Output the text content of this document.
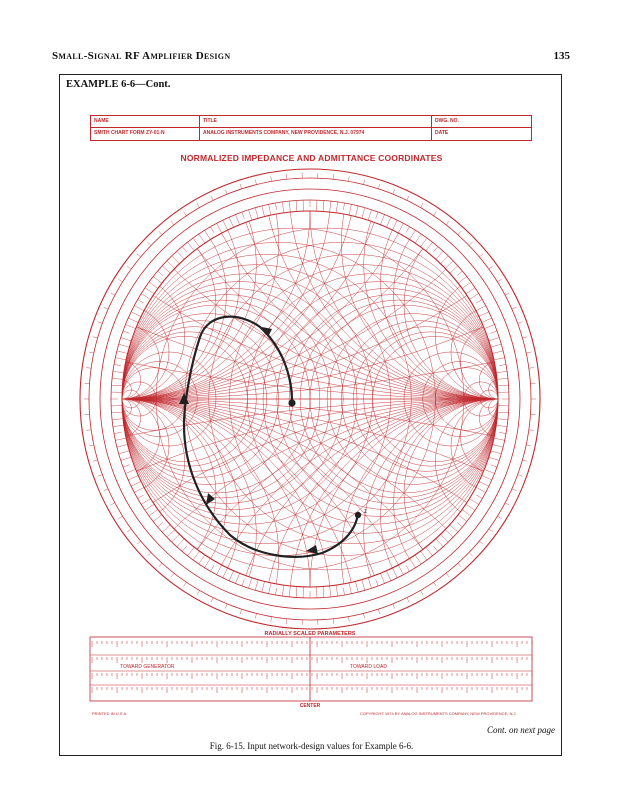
Small-Signal RF Amplifier Design	135
EXAMPLE 6-6—Cont.
NAME	TITLE	DWG. NO.
SMITH CHART FORM ZY-01-N	ANALOG INSTRUMENTS COMPANY, NEW PROVIDENCE, N.J. 07974	DATE
NORMALIZED IMPEDANCE AND ADMITTANCE COORDINATES
z
RADIALLY SCALED PARAMETERS
TOWARD GENERATOR	TOWARD LOAD
CENTER
PRINTED IN U.S.A.	COPYRIGHT 1974 BY ANALOG INSTRUMENTS COMPANY, NEW PROVIDENCE, N.J.
Cont. on next page
Fig. 6-15. Input network-design values for Example 6-6.
